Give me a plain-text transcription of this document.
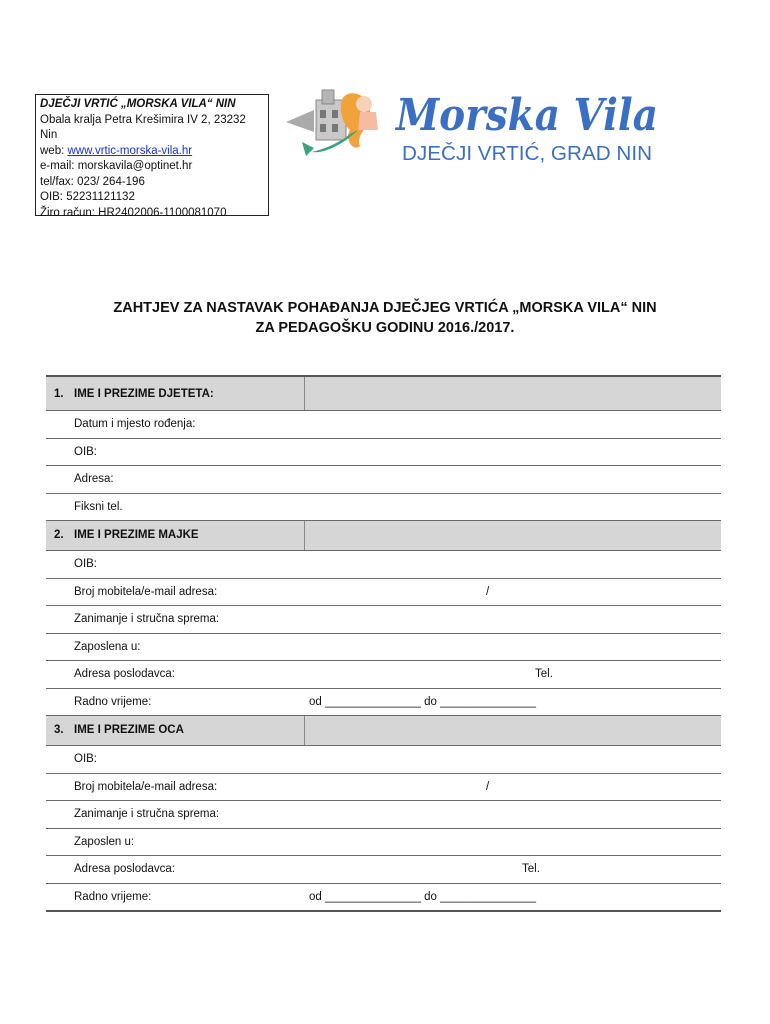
DJEČJI VRTIĆ „MORSKA VILA“ NIN
Obala kralja Petra Krešimira IV 2, 23232 Nin
web: www.vrtic-morska-vila.hr
e-mail: morskavila@optinet.hr
tel/fax: 023/ 264-196
OIB: 52231121132
Žiro račun: HR2402006-1100081070
Morska Vila
DJEČJI VRTIĆ, GRAD NIN
ZAHTJEV ZA NASTAVAK POHAĐANJA DJEČJEG VRTIĆA „MORSKA VILA“ NIN
ZA PEDAGOŠKU GODINU 2016./2017.
1. IME I PREZIME DJETETA:
Datum i mjesto rođenja:
OIB:
Adresa:
Fiksni tel.
2. IME I PREZIME MAJKE
OIB:
Broj mobitela/e-mail adresa:	/
Zanimanje i stručna sprema:
Zaposlena u:
Adresa poslodavca:	Tel.
Radno vrijeme:	od _______________ do _______________
3. IME I PREZIME OCA
OIB:
Broj mobitela/e-mail adresa:	/
Zanimanje i stručna sprema:
Zaposlen u:
Adresa poslodavca:	Tel.
Radno vrijeme:	od _______________ do _______________
